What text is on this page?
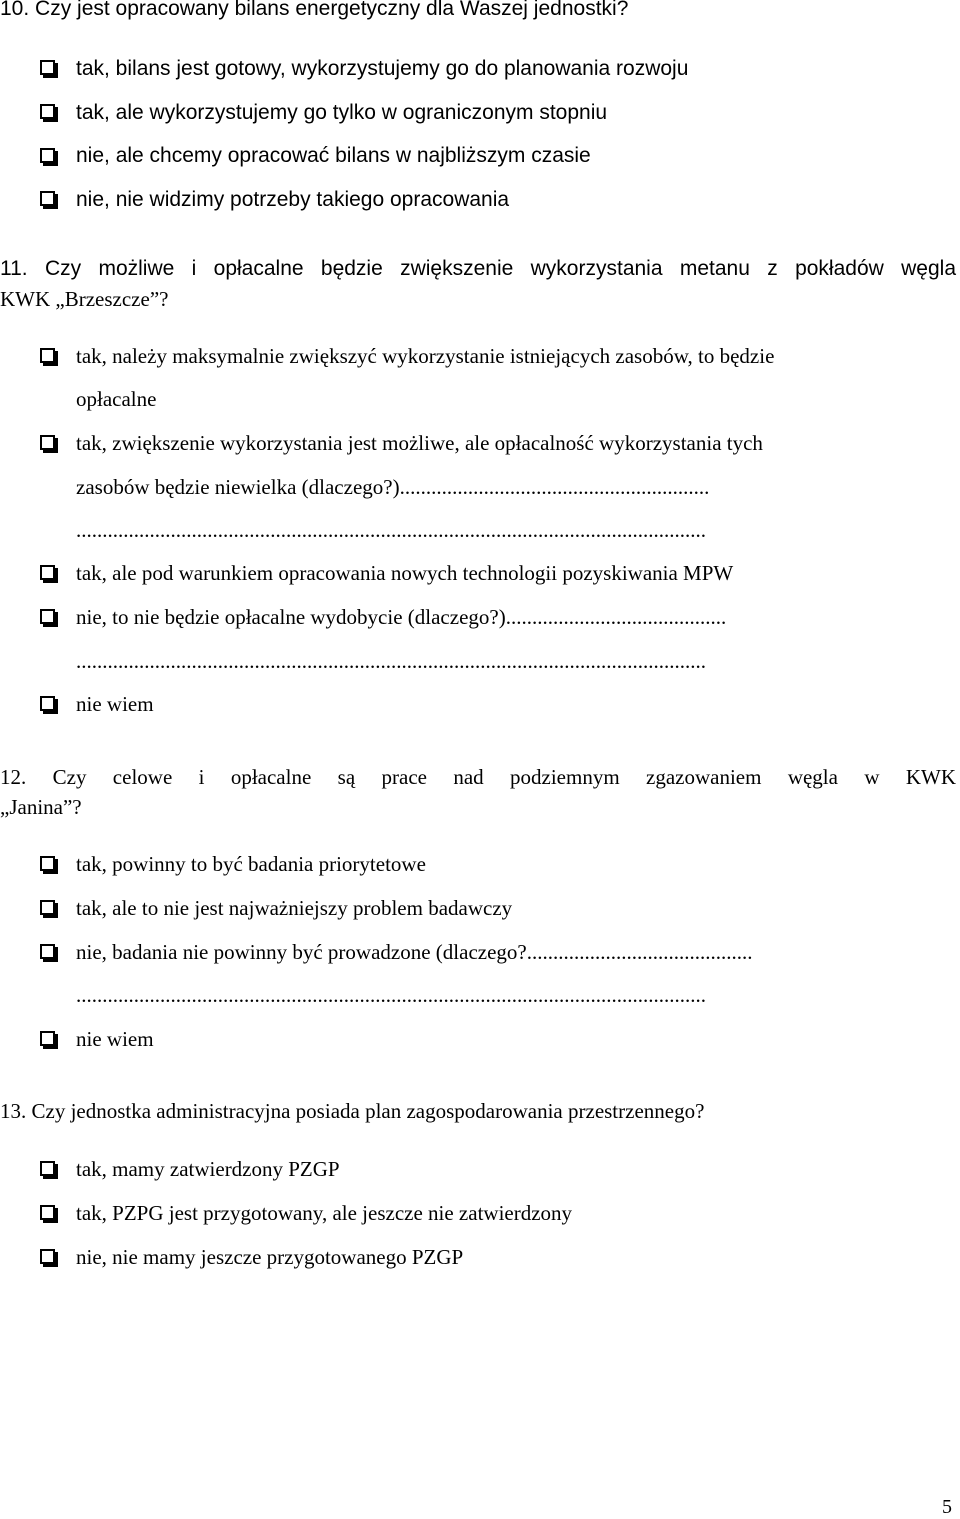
10. Czy jest opracowany bilans energetyczny dla Waszej jednostki?
tak, bilans jest gotowy, wykorzystujemy go do planowania rozwoju
tak, ale wykorzystujemy go tylko w ograniczonym stopniu
nie, ale chcemy opracować bilans w najbliższym czasie
nie, nie widzimy potrzeby takiego opracowania
11. Czy możliwe i opłacalne będzie zwiększenie wykorzystania metanu z pokładów węgla
KWK „Brzeszcze”?
tak, należy maksymalnie zwiększyć wykorzystanie istniejących zasobów, to będzie
opłacalne
tak, zwiększenie wykorzystania jest możliwe, ale opłacalność wykorzystania tych
zasobów będzie niewielka (dlaczego?)...........................................................
........................................................................................................................
tak, ale pod warunkiem opracowania nowych technologii pozyskiwania MPW
nie, to nie będzie opłacalne wydobycie (dlaczego?)..........................................
........................................................................................................................
nie wiem
12. Czy celowe i opłacalne są prace nad podziemnym zgazowaniem węgla w KWK
„Janina”?
tak, powinny to być badania priorytetowe
tak, ale to nie jest najważniejszy problem badawczy
nie, badania nie powinny być prowadzone (dlaczego?...........................................
........................................................................................................................
nie wiem
13. Czy jednostka administracyjna posiada plan zagospodarowania przestrzennego?
tak, mamy zatwierdzony PZGP
tak, PZPG jest przygotowany, ale jeszcze nie zatwierdzony
nie, nie mamy jeszcze przygotowanego PZGP
5
